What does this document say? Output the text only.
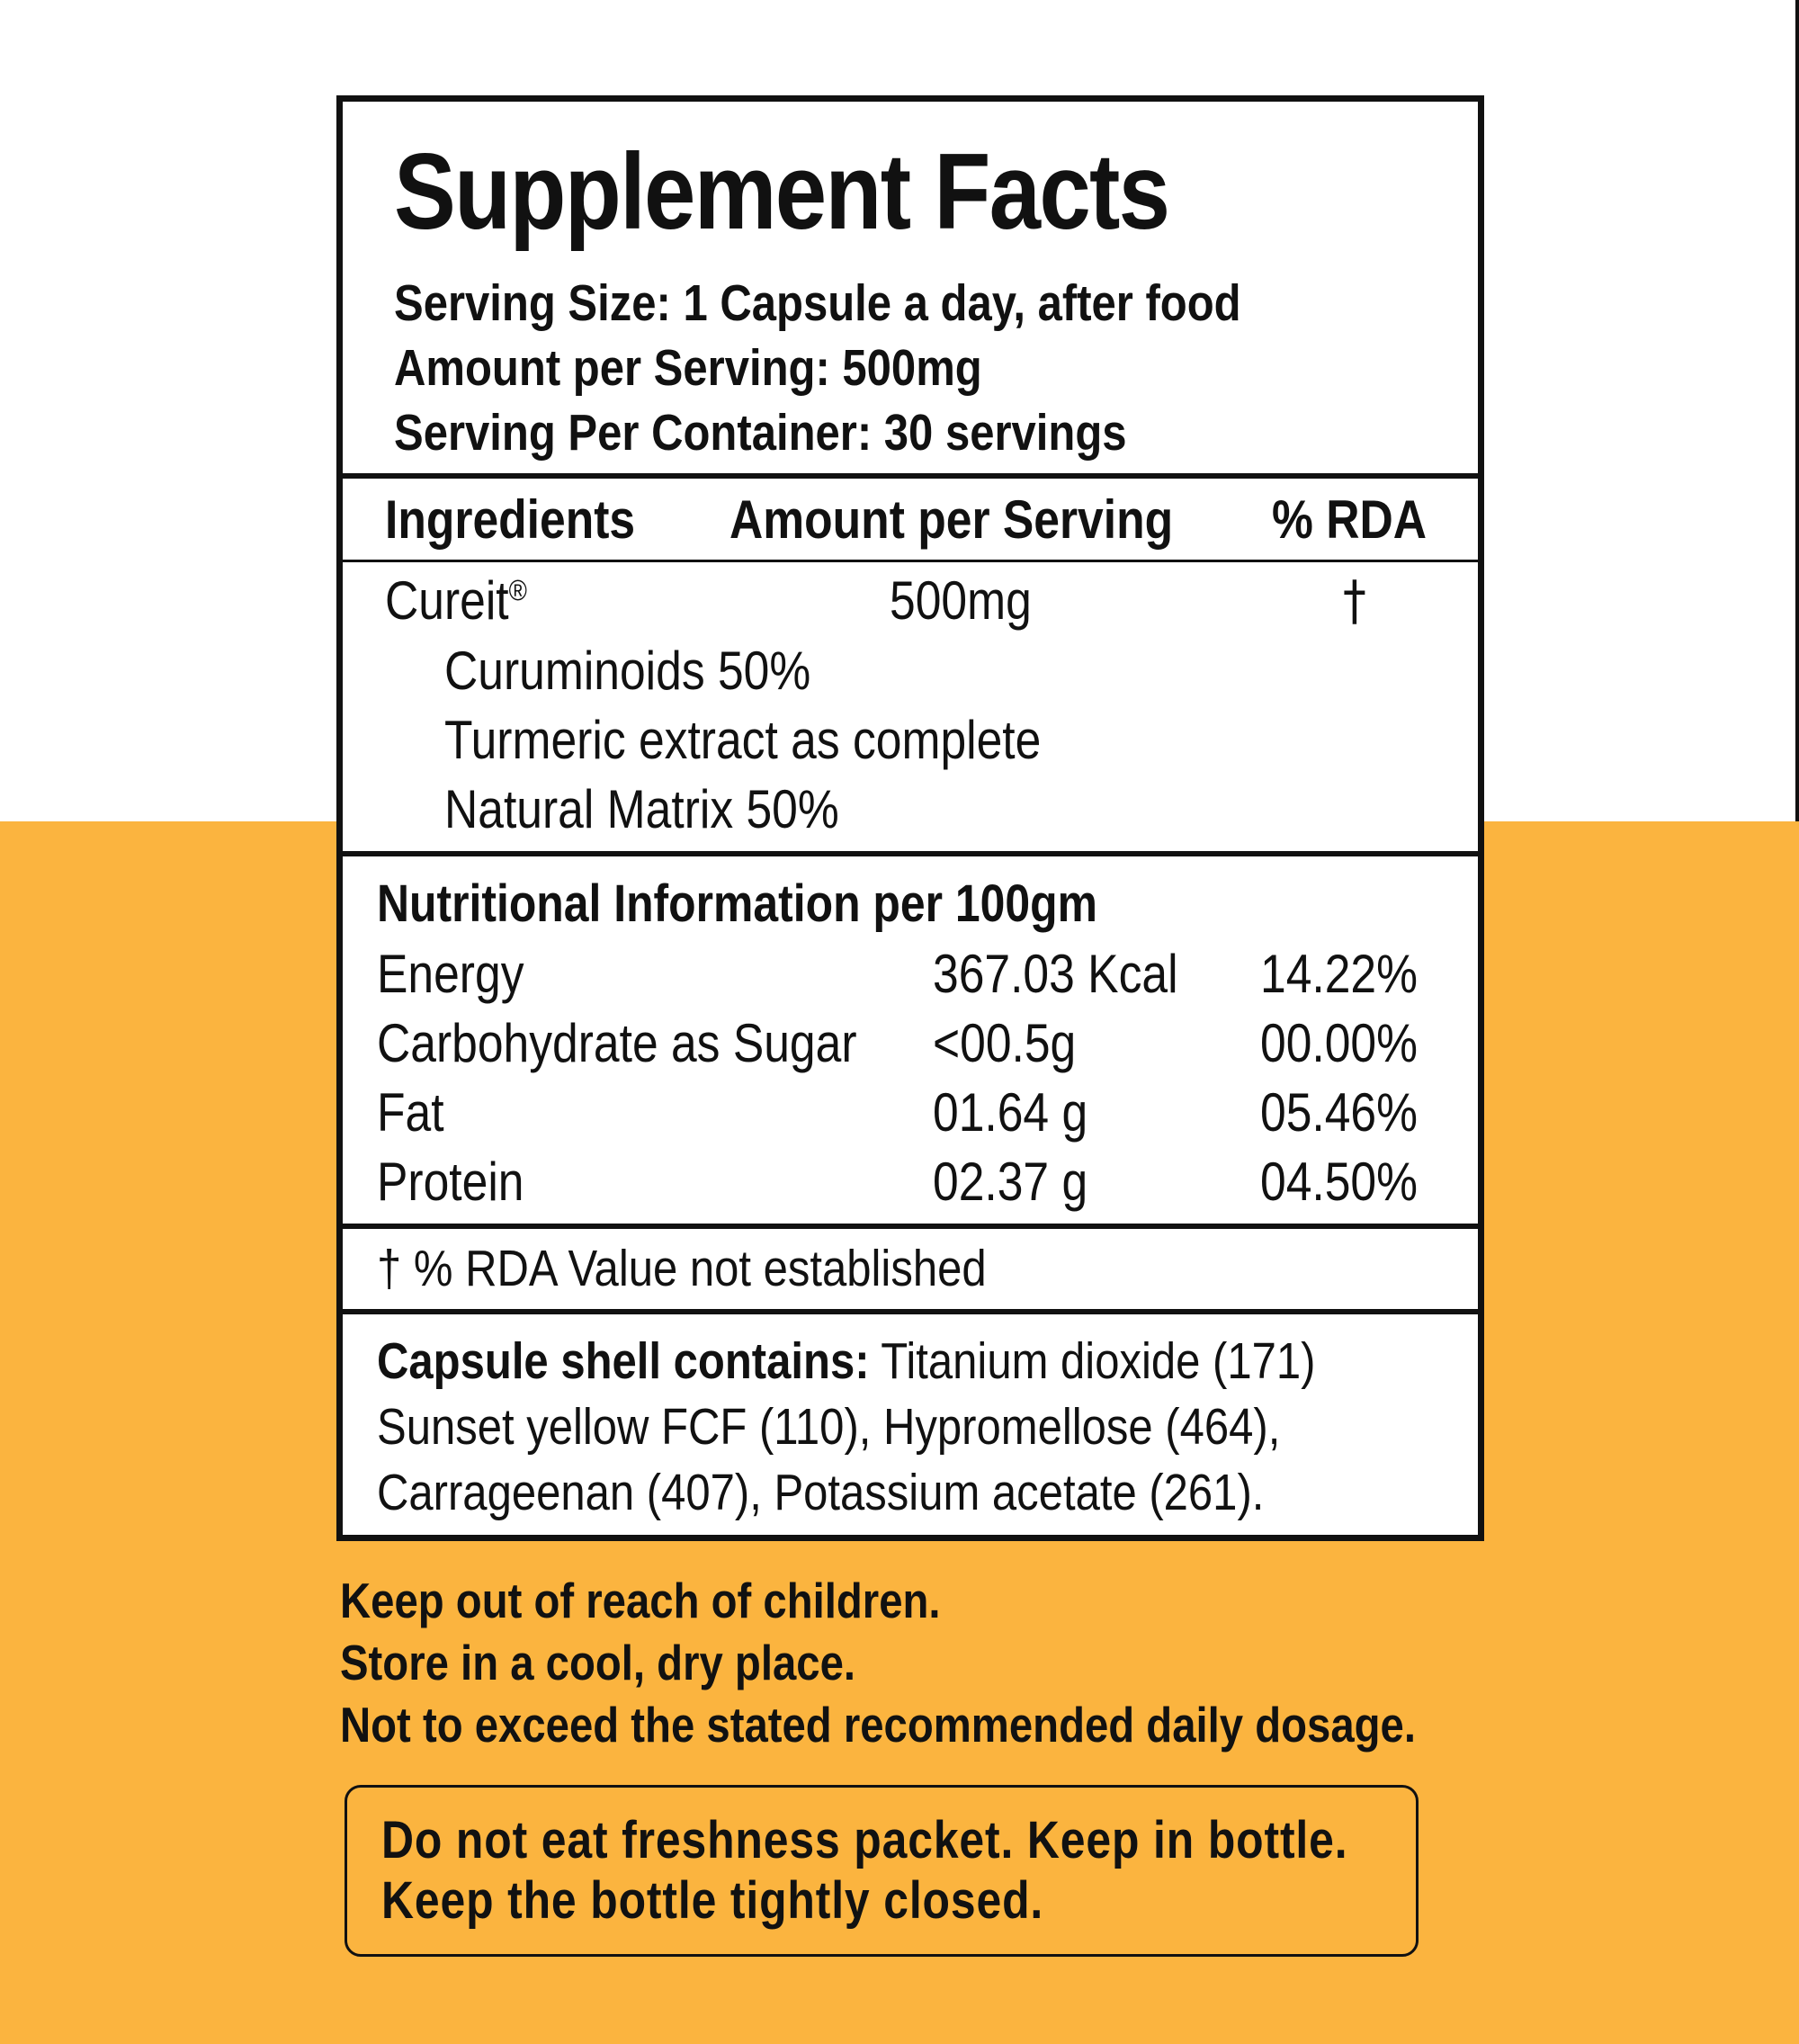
Supplement Facts
Serving Size: 1 Capsule a day, after food
Amount per Serving: 500mg
Serving Per Container: 30 servings
Ingredients Amount per Serving % RDA
Cureit®	500mg	†
Curuminoids 50%
Turmeric extract as complete
Natural Matrix 50%
Nutritional Information per 100gm
Energy	367.03 Kcal 14.22%
Carbohydrate as Sugar <00.5g	00.00%
Fat	01.64 g	05.46%
Protein	02.37 g	04.50%
† % RDA Value not established
Capsule shell contains: Titanium dioxide (171)
Sunset yellow FCF (110), Hypromellose (464),
Carrageenan (407), Potassium acetate (261).
Keep out of reach of children.
Store in a cool, dry place.
Not to exceed the stated recommended daily dosage.
Do not eat freshness packet. Keep in bottle.
Keep the bottle tightly closed.
